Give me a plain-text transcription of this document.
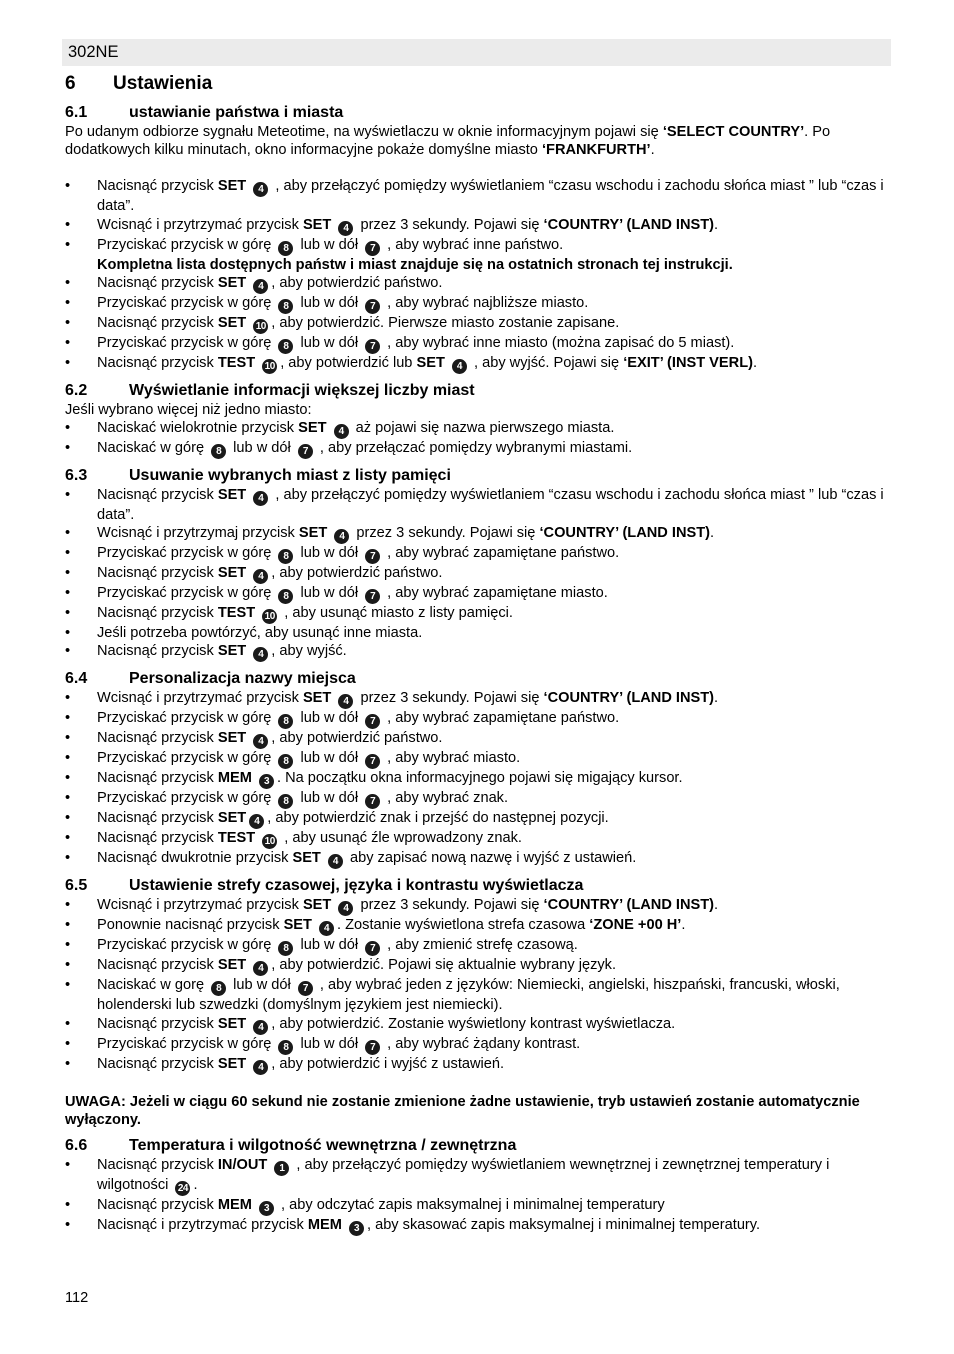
302NE
6	Ustawienia
6.1	ustawianie państwa i miasta

Po udanym odbiorze sygnału Meteotime, na wyświetlaczu w oknie informacyjnym pojawi się ‘SELECT COUNTRY’. Po dodatkowych kilku minutach, okno informacyjne pokaże domyślne miasto ‘FRANKFURTH’.

• Nacisnąć przycisk SET 4 , aby przełączyć pomiędzy wyświetlaniem “czasu wschodu i zachodu słońca miast ” lub “czas i data”.
• Wcisnąć i przytrzymać przycisk SET 4 przez 3 sekundy. Pojawi się ‘COUNTRY’ (LAND INST).
• Przyciskać przycisk w górę 8 lub w dół 7 , aby wybrać inne państwo.
Kompletna lista dostępnych państw i miast znajduje się na ostatnich stronach tej instrukcji.
• Nacisnąć przycisk SET 4 , aby potwierdzić państwo.
• Przyciskać przycisk w górę 8 lub w dół 7 , aby wybrać najbliższe miasto.
• Nacisnąć przycisk SET 10 , aby potwierdzić. Pierwsze miasto zostanie zapisane.
• Przyciskać przycisk w górę 8 lub w dół 7 , aby wybrać inne miasto (można zapisać do 5 miast).
• Nacisnąć przycisk TEST 10 , aby potwierdzić lub SET 4 , aby wyjść. Pojawi się ‘EXIT’ (INST VERL).
6.2	Wyświetlanie informacji większej liczby miast

Jeśli wybrano więcej niż jedno miasto:

• Naciskać wielokrotnie przycisk SET 4 aż pojawi się nazwa pierwszego miasta.
• Naciskać w górę 8 lub w dół 7 , aby przełączać pomiędzy wybranymi miastami.
6.3	Usuwanie wybranych miast z listy pamięci
• Nacisnąć przycisk SET 4 , aby przełączyć pomiędzy wyświetlaniem “czasu wschodu i zachodu słońca miast ” lub “czas i data”.
• Wcisnąć i przytrzymaj przycisk SET 4 przez 3 sekundy. Pojawi się ‘COUNTRY’ (LAND INST).
• Przyciskać przycisk w górę 8 lub w dół 7 , aby wybrać zapamiętane państwo.
• Nacisnąć przycisk SET 4 , aby potwierdzić państwo.
• Przyciskać przycisk w górę 8 lub w dół 7 , aby wybrać zapamiętane miasto.
• Nacisnąć przycisk TEST 10 , aby usunąć miasto z listy pamięci.
• Jeśli potrzeba powtórzyć, aby usunąć inne miasta.
• Nacisnąć przycisk SET 4 , aby wyjść.
6.4	Personalizacja nazwy miejsca
• Wcisnąć i przytrzymać przycisk SET 4 przez 3 sekundy. Pojawi się ‘COUNTRY’ (LAND INST).
• Przyciskać przycisk w górę 8 lub w dół 7 , aby wybrać zapamiętane państwo.
• Nacisnąć przycisk SET 4 , aby potwierdzić państwo.
• Przyciskać przycisk w górę 8 lub w dół 7 , aby wybrać miasto.
• Nacisnąć przycisk MEM 3 . Na początku okna informacyjnego pojawi się migający kursor.
• Przyciskać przycisk w górę 8 lub w dół 7 , aby wybrać znak.
• Nacisnąć przycisk SET 4 , aby potwierdzić znak i przejść do następnej pozycji.
• Nacisnąć przycisk TEST 10 , aby usunąć źle wprowadzony znak.
• Nacisnąć dwukrotnie przycisk SET 4 aby zapisać nową nazwę i wyjść z ustawień.
6.5	Ustawienie strefy czasowej, języka i kontrastu wyświetlacza
• Wcisnąć i przytrzymać przycisk SET 4 przez 3 sekundy. Pojawi się ‘COUNTRY’ (LAND INST).
• Ponownie nacisnąć przycisk SET 4 . Zostanie wyświetlona strefa czasowa ‘ZONE +00 H’.
• Przyciskać przycisk w górę 8 lub w dół 7 , aby zmienić strefę czasową.
• Nacisnąć przycisk SET 4 , aby potwierdzić. Pojawi się aktualnie wybrany język.
• Naciskać w gorę 8 lub w dół 7 , aby wybrać jeden z języków: Niemiecki, angielski, hiszpański, francuski, włoski, holenderski lub szwedzki (domyślnym językiem jest niemiecki).
• Nacisnąć przycisk SET 4 , aby potwierdzić. Zostanie wyświetlony kontrast wyświetlacza.
• Przyciskać przycisk w górę 8 lub w dół 7 , aby wybrać żądany kontrast.
• Nacisnąć przycisk SET 4 , aby potwierdzić i wyjść z ustawień.

UWAGA: Jeżeli w ciągu 60 sekund nie zostanie zmienione żadne ustawienie, tryb ustawień zostanie automatycznie wyłączony.

6.6	Temperatura i wilgotność wewnętrzna / zewnętrzna
• Nacisnąć przycisk IN/OUT 1 , aby przełączyć pomiędzy wyświetlaniem wewnętrznej i zewnętrznej temperatury i wilgotności 24 .
• Nacisnąć przycisk MEM 3 , aby odczytać zapis maksymalnej i minimalnej temperatury
• Nacisnąć i przytrzymać przycisk MEM 3 , aby skasować zapis maksymalnej i minimalnej temperatury.
112
